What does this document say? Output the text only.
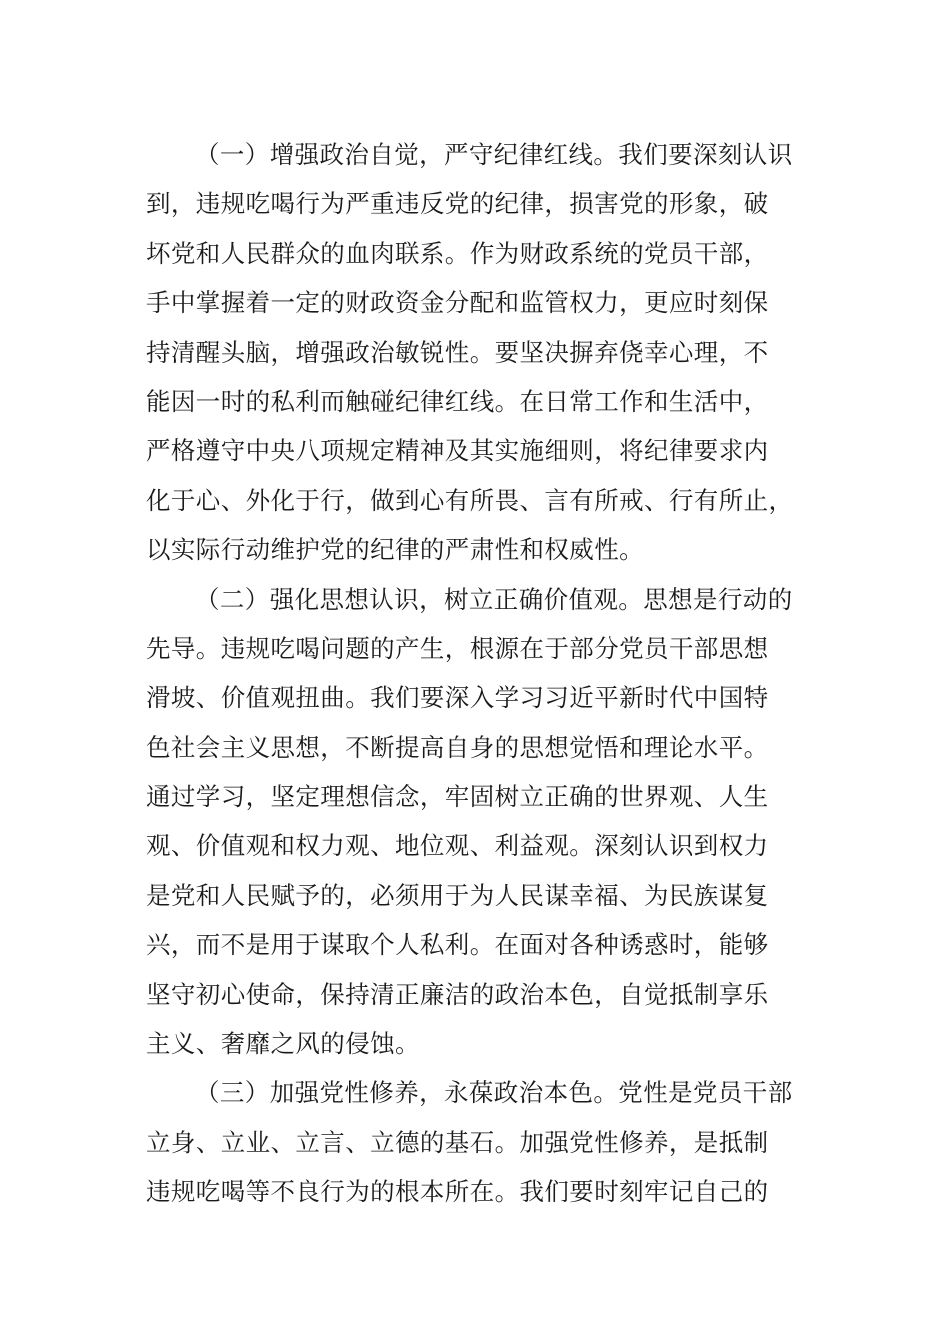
（一）增强政治自觉，严守纪律红线。我们要深刻认识
到，违规吃喝行为严重违反党的纪律，损害党的形象，破
坏党和人民群众的血肉联系。作为财政系统的党员干部，
手中掌握着一定的财政资金分配和监管权力，更应时刻保
持清醒头脑，增强政治敏锐性。要坚决摒弃侥幸心理，不
能因一时的私利而触碰纪律红线。在日常工作和生活中，
严格遵守中央八项规定精神及其实施细则，将纪律要求内
化于心、外化于行，做到心有所畏、言有所戒、行有所止，
以实际行动维护党的纪律的严肃性和权威性。
（二）强化思想认识，树立正确价值观。思想是行动的
先导。违规吃喝问题的产生，根源在于部分党员干部思想
滑坡、价值观扭曲。我们要深入学习习近平新时代中国特
色社会主义思想，不断提高自身的思想觉悟和理论水平。
通过学习，坚定理想信念，牢固树立正确的世界观、人生
观、价值观和权力观、地位观、利益观。深刻认识到权力
是党和人民赋予的，必须用于为人民谋幸福、为民族谋复
兴，而不是用于谋取个人私利。在面对各种诱惑时，能够
坚守初心使命，保持清正廉洁的政治本色，自觉抵制享乐
主义、奢靡之风的侵蚀。
（三）加强党性修养，永葆政治本色。党性是党员干部
立身、立业、立言、立德的基石。加强党性修养，是抵制
违规吃喝等不良行为的根本所在。我们要时刻牢记自己的
